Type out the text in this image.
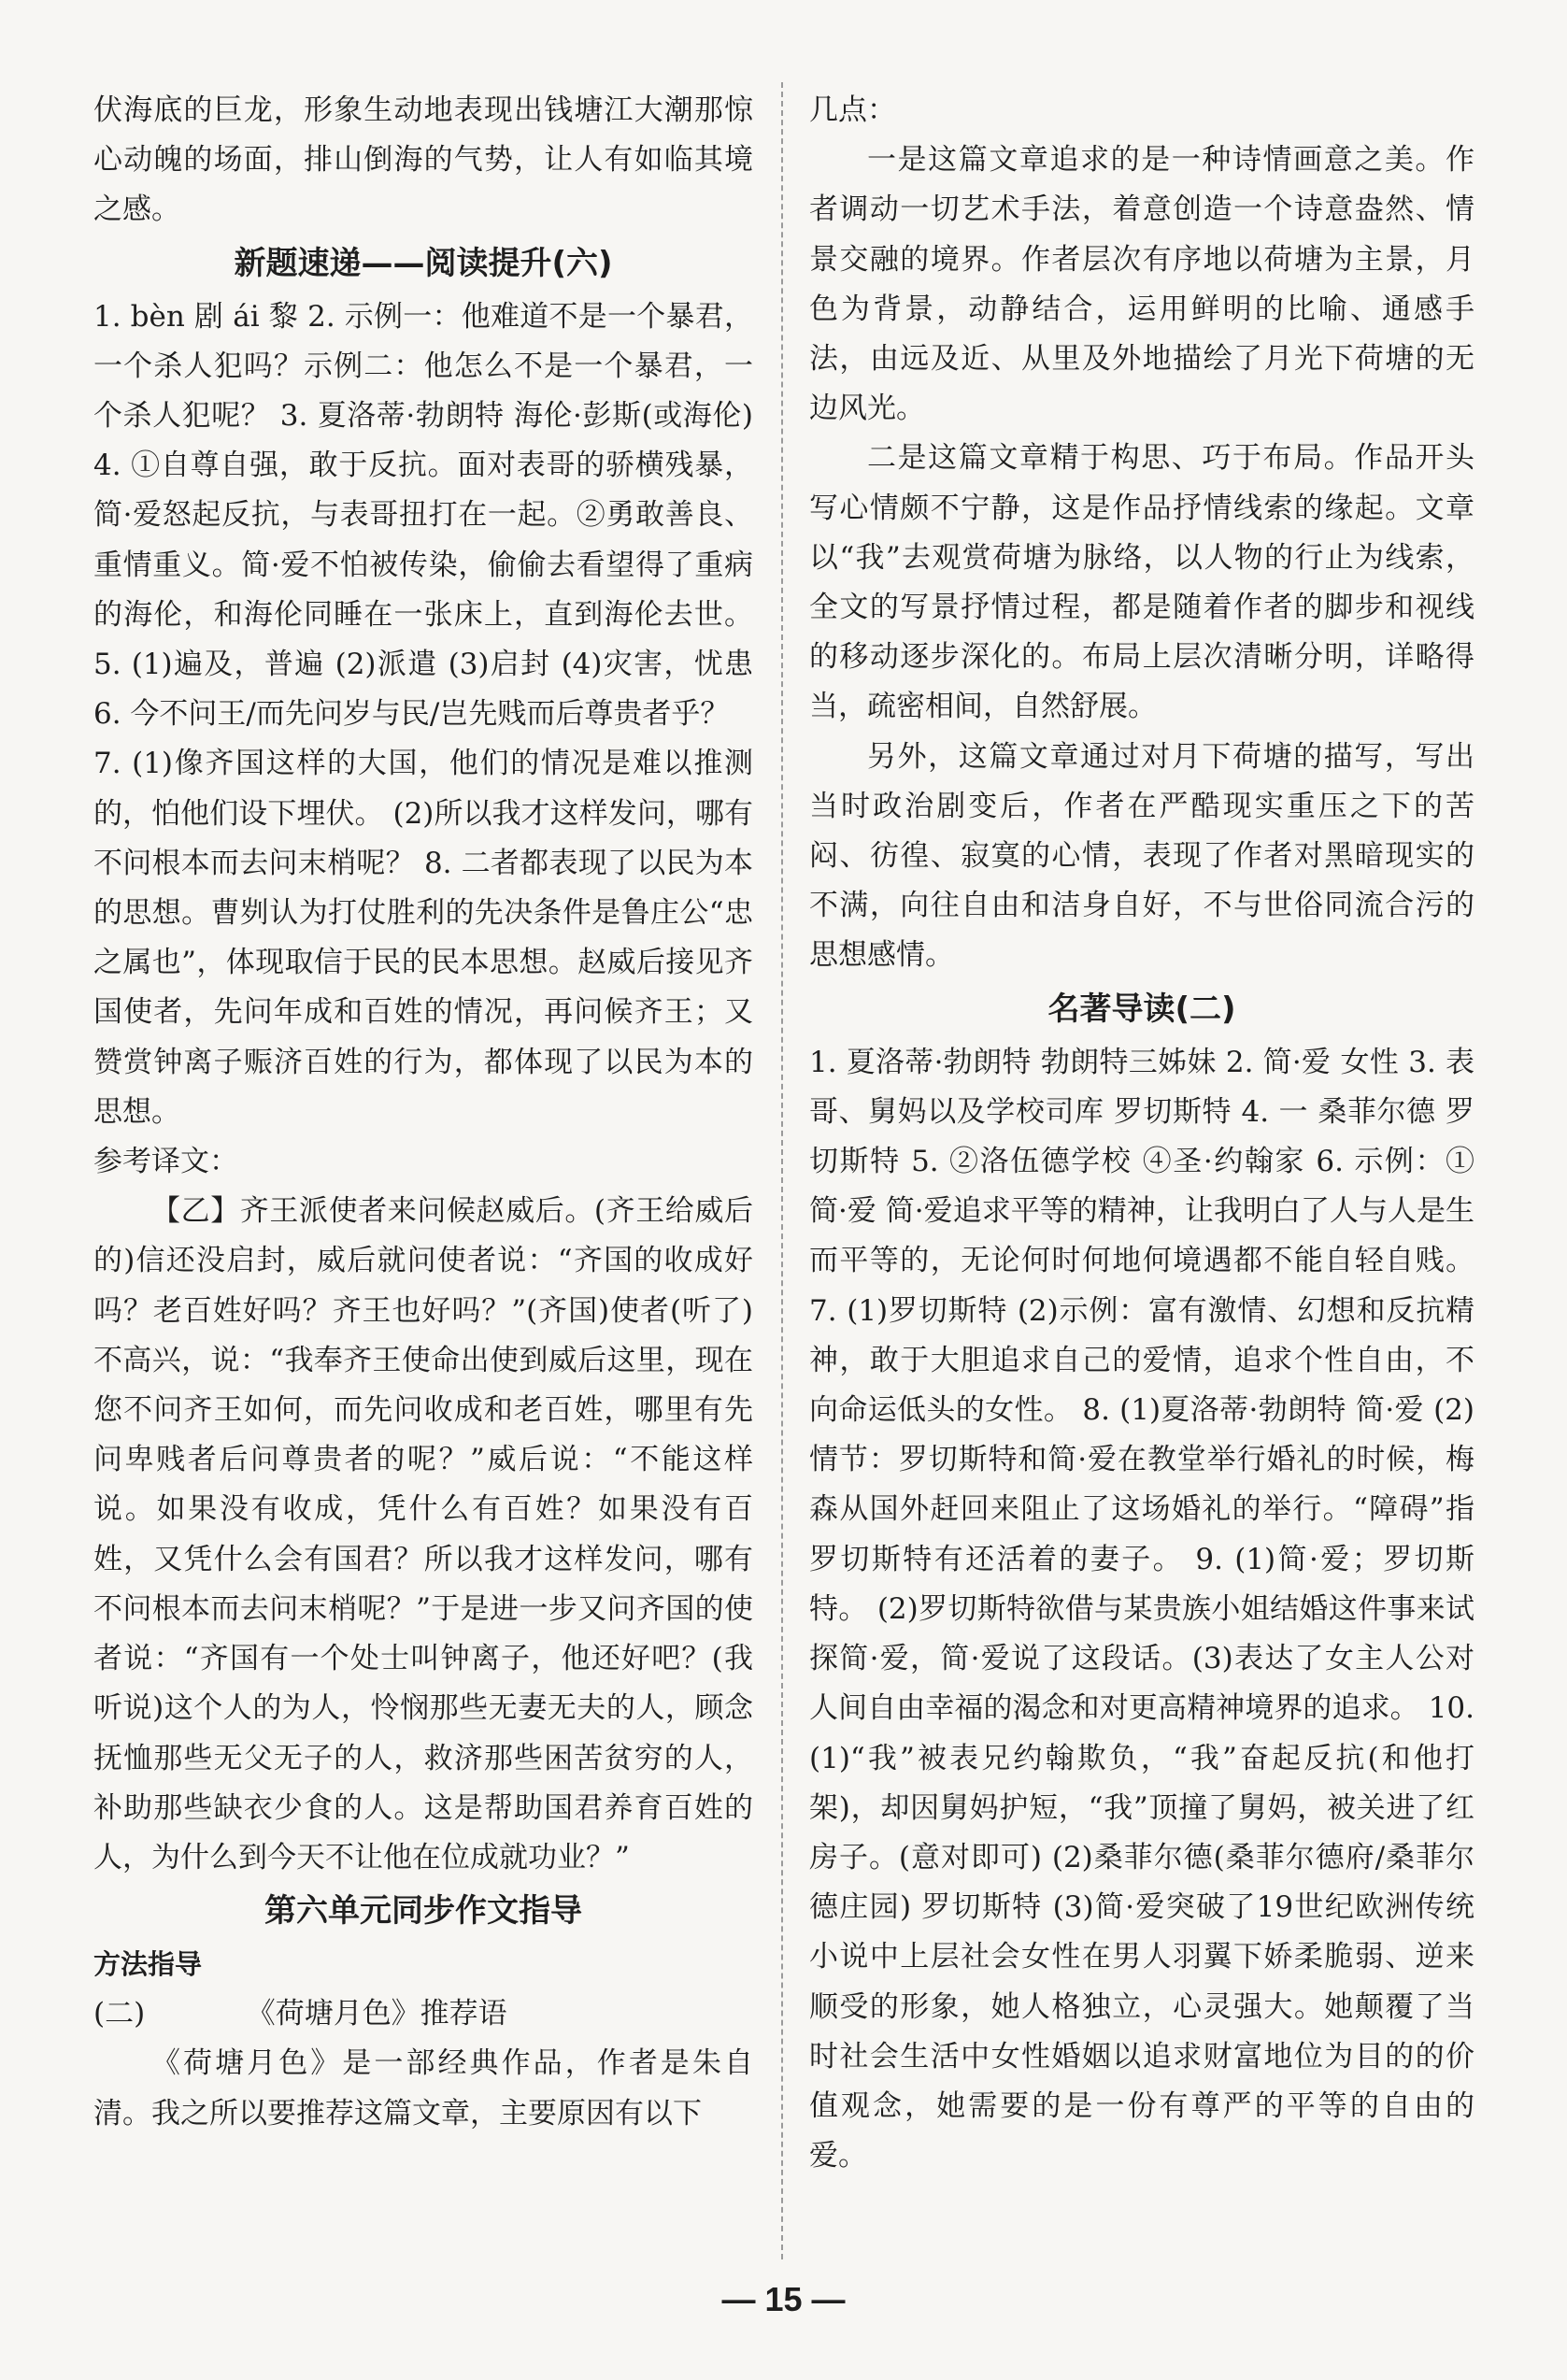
伏海底的巨龙，形象生动地表现出钱塘江大潮那惊心动魄的场面，排山倒海的气势，让人有如临其境之感。

新题速递——阅读提升(六)

1. bèn 剧 ái 黎 2. 示例一：他难道不是一个暴君，一个杀人犯吗？示例二：他怎么不是一个暴君，一个杀人犯呢？ 3. 夏洛蒂·勃朗特 海伦·彭斯(或海伦) 4. ①自尊自强，敢于反抗。面对表哥的骄横残暴，简·爱怒起反抗，与表哥扭打在一起。②勇敢善良、重情重义。简·爱不怕被传染，偷偷去看望得了重病的海伦，和海伦同睡在一张床上，直到海伦去世。 5. (1)遍及，普遍 (2)派遣 (3)启封 (4)灾害，忧患 6. 今不问王/而先问岁与民/岂先贱而后尊贵者乎？

7. (1)像齐国这样的大国，他们的情况是难以推测的，怕他们设下埋伏。 (2)所以我才这样发问，哪有不问根本而去问末梢呢？ 8. 二者都表现了以民为本的思想。曹刿认为打仗胜利的先决条件是鲁庄公“忠之属也”，体现取信于民的民本思想。赵威后接见齐国使者，先问年成和百姓的情况，再问候齐王；又赞赏钟离子赈济百姓的行为，都体现了以民为本的思想。

参考译文：

【乙】齐王派使者来问候赵威后。(齐王给威后的)信还没启封，威后就问使者说：“齐国的收成好吗？老百姓好吗？齐王也好吗？”(齐国)使者(听了)不高兴，说：“我奉齐王使命出使到威后这里，现在您不问齐王如何，而先问收成和老百姓，哪里有先问卑贱者后问尊贵者的呢？”威后说：“不能这样说。如果没有收成，凭什么有百姓？如果没有百姓，又凭什么会有国君？所以我才这样发问，哪有不问根本而去问末梢呢？”于是进一步又问齐国的使者说：“齐国有一个处士叫钟离子，他还好吧？(我听说)这个人的为人，怜悯那些无妻无夫的人，顾念抚恤那些无父无子的人，救济那些困苦贫穷的人，补助那些缺衣少食的人。这是帮助国君养育百姓的人，为什么到今天不让他在位成就功业？”

第六单元同步作文指导

方法指导

(二)　　　　《荷塘月色》推荐语

《荷塘月色》是一部经典作品，作者是朱自清。我之所以要推荐这篇文章，主要原因有以下

几点：

一是这篇文章追求的是一种诗情画意之美。作者调动一切艺术手法，着意创造一个诗意盎然、情景交融的境界。作者层次有序地以荷塘为主景，月色为背景，动静结合，运用鲜明的比喻、通感手法，由远及近、从里及外地描绘了月光下荷塘的无边风光。

二是这篇文章精于构思、巧于布局。作品开头写心情颇不宁静，这是作品抒情线索的缘起。文章以“我”去观赏荷塘为脉络，以人物的行止为线索，全文的写景抒情过程，都是随着作者的脚步和视线的移动逐步深化的。布局上层次清晰分明，详略得当，疏密相间，自然舒展。

另外，这篇文章通过对月下荷塘的描写，写出当时政治剧变后，作者在严酷现实重压之下的苦闷、彷徨、寂寞的心情，表现了作者对黑暗现实的不满，向往自由和洁身自好，不与世俗同流合污的思想感情。

名著导读(二)

1. 夏洛蒂·勃朗特 勃朗特三姊妹 2. 简·爱 女性 3. 表哥、舅妈以及学校司库 罗切斯特 4. 一 桑菲尔德 罗切斯特 5. ②洛伍德学校 ④圣·约翰家 6. 示例：① 简·爱 简·爱追求平等的精神，让我明白了人与人是生而平等的，无论何时何地何境遇都不能自轻自贱。 7. (1)罗切斯特 (2)示例：富有激情、幻想和反抗精神，敢于大胆追求自己的爱情，追求个性自由，不向命运低头的女性。 8. (1)夏洛蒂·勃朗特 简·爱 (2)情节：罗切斯特和简·爱在教堂举行婚礼的时候，梅森从国外赶回来阻止了这场婚礼的举行。“障碍”指罗切斯特有还活着的妻子。 9. (1)简·爱；罗切斯特。 (2)罗切斯特欲借与某贵族小姐结婚这件事来试探简·爱，简·爱说了这段话。(3)表达了女主人公对人间自由幸福的渴念和对更高精神境界的追求。 10. (1)“我”被表兄约翰欺负，“我”奋起反抗(和他打架)，却因舅妈护短，“我”顶撞了舅妈，被关进了红房子。(意对即可) (2)桑菲尔德(桑菲尔德府/桑菲尔德庄园) 罗切斯特 (3)简·爱突破了19世纪欧洲传统小说中上层社会女性在男人羽翼下娇柔脆弱、逆来顺受的形象，她人格独立，心灵强大。她颠覆了当时社会生活中女性婚姻以追求财富地位为目的的价值观念，她需要的是一份有尊严的平等的自由的爱。

— 15 —
